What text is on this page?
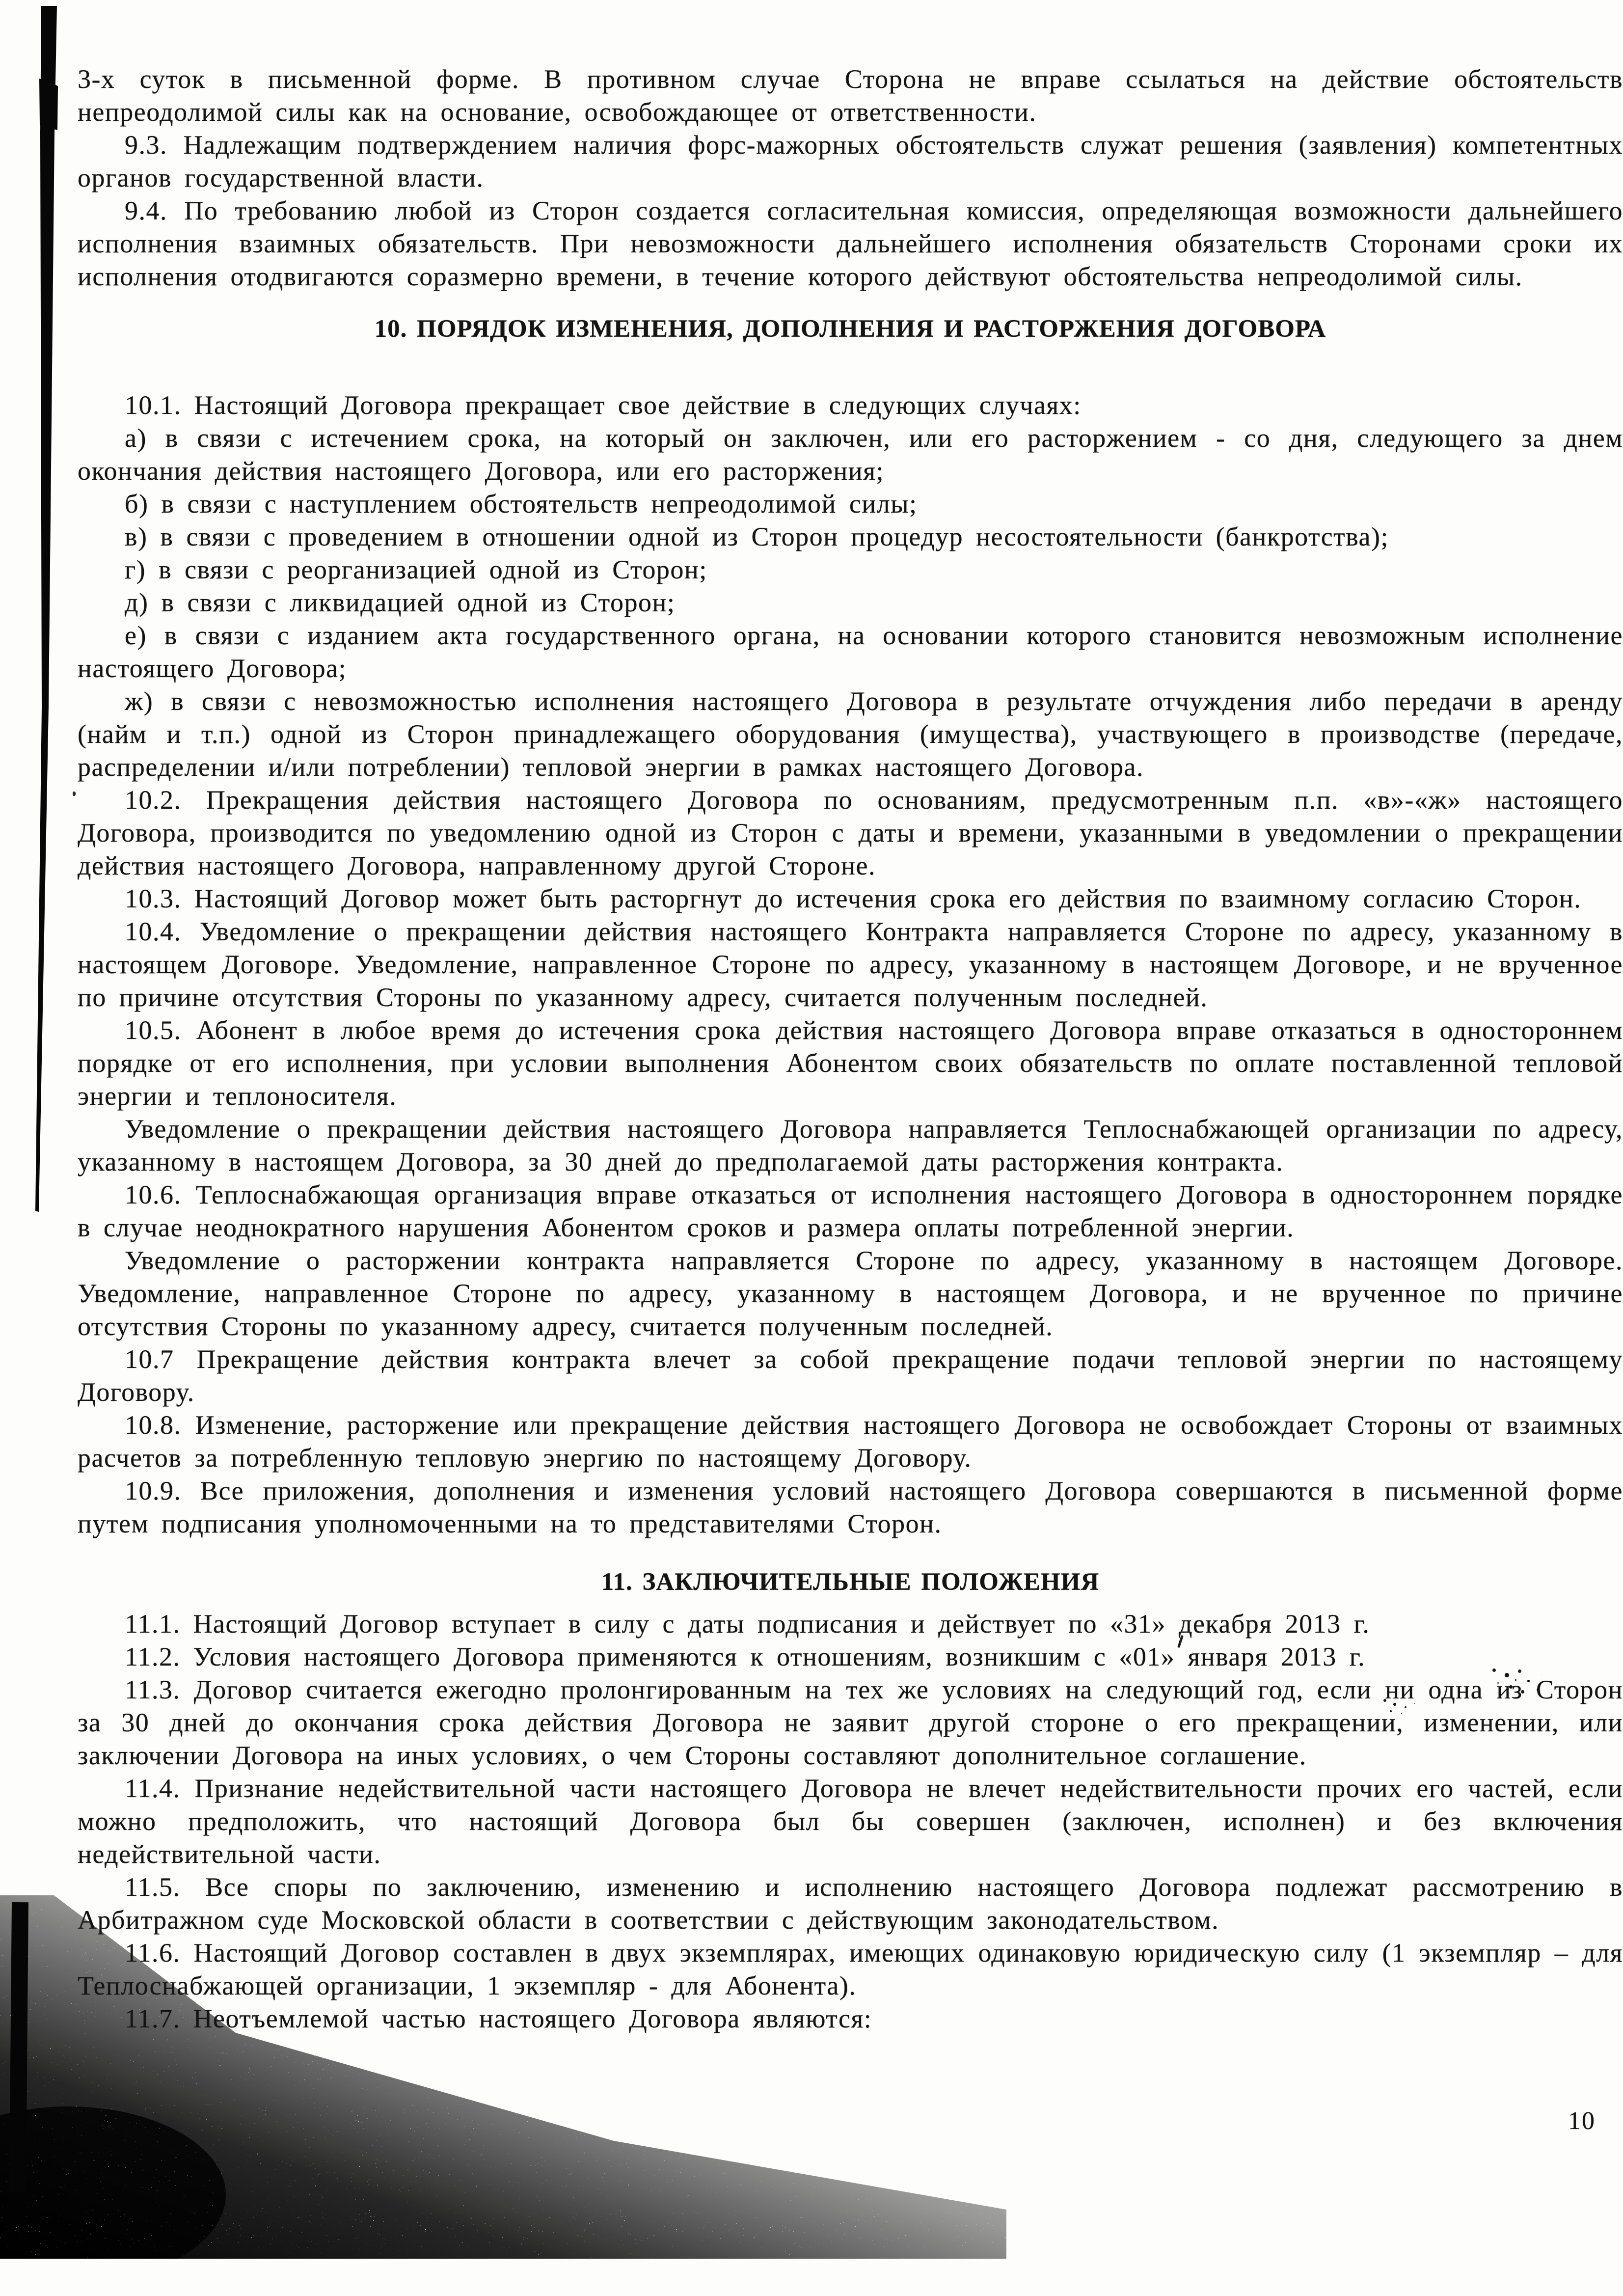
3-х суток в письменной форме. В противном случае Сторона не вправе ссылаться на действие обстоятельств непреодолимой силы как на основание, освобождающее от ответственности.

9.3. Надлежащим подтверждением наличия форс-мажорных обстоятельств служат решения (заявления) компетентных органов государственной власти.

9.4. По требованию любой из Сторон создается согласительная комиссия, определяющая возможности дальнейшего исполнения взаимных обязательств. При невозможности дальнейшего исполнения обязательств Сторонами сроки их исполнения отодвигаются соразмерно времени, в течение которого действуют обстоятельства непреодолимой силы.

10. ПОРЯДОК ИЗМЕНЕНИЯ, ДОПОЛНЕНИЯ И РАСТОРЖЕНИЯ ДОГОВОРА

10.1. Настоящий Договора прекращает свое действие в следующих случаях:

а) в связи с истечением срока, на который он заключен, или его расторжением - со дня, следующего за днем окончания действия настоящего Договора, или его расторжения;

б) в связи с наступлением обстоятельств непреодолимой силы;

в) в связи с проведением в отношении одной из Сторон процедур несостоятельности (банкротства);

г) в связи с реорганизацией одной из Сторон;

д) в связи с ликвидацией одной из Сторон;

е) в связи с изданием акта государственного органа, на основании которого становится невозможным исполнение настоящего Договора;

ж) в связи с невозможностью исполнения настоящего Договора в результате отчуждения либо передачи в аренду (найм и т.п.) одной из Сторон принадлежащего оборудования (имущества), участвующего в производстве (передаче, распределении и/или потреблении) тепловой энергии в рамках настоящего Договора.

10.2. Прекращения действия настоящего Договора по основаниям, предусмотренным п.п. «в»-«ж» настоящего Договора, производится по уведомлению одной из Сторон с даты и времени, указанными в уведомлении о прекращении действия настоящего Договора, направленному другой Стороне.

10.3. Настоящий Договор может быть расторгнут до истечения срока его действия по взаимному согласию Сторон.

10.4. Уведомление о прекращении действия настоящего Контракта направляется Стороне по адресу, указанному в настоящем Договоре. Уведомление, направленное Стороне по адресу, указанному в настоящем Договоре, и не врученное по причине отсутствия Стороны по указанному адресу, считается полученным последней.

10.5. Абонент в любое время до истечения срока действия настоящего Договора вправе отказаться в одностороннем порядке от его исполнения, при условии выполнения Абонентом своих обязательств по оплате поставленной тепловой энергии и теплоносителя.

Уведомление о прекращении действия настоящего Договора направляется Теплоснабжающей организации по адресу, указанному в настоящем Договора, за 30 дней до предполагаемой даты расторжения контракта.

10.6. Теплоснабжающая организация вправе отказаться от исполнения настоящего Договора в одностороннем порядке в случае неоднократного нарушения Абонентом сроков и размера оплаты потребленной энергии.

Уведомление о расторжении контракта направляется Стороне по адресу, указанному в настоящем Договоре. Уведомление, направленное Стороне по адресу, указанному в настоящем Договора, и не врученное по причине отсутствия Стороны по указанному адресу, считается полученным последней.

10.7 Прекращение действия контракта влечет за собой прекращение подачи тепловой энергии по настоящему Договору.

10.8. Изменение, расторжение или прекращение действия настоящего Договора не освобождает Стороны от взаимных расчетов за потребленную тепловую энергию по настоящему Договору.

10.9. Все приложения, дополнения и изменения условий настоящего Договора совершаются в письменной форме путем подписания уполномоченными на то представителями Сторон.

11. ЗАКЛЮЧИТЕЛЬНЫЕ ПОЛОЖЕНИЯ

11.1. Настоящий Договор вступает в силу с даты подписания и действует по «31» декабря 2013 г.

11.2. Условия настоящего Договора применяются к отношениям, возникшим с «01» января 2013 г.

11.3. Договор считается ежегодно пролонгированным на тех же условиях на следующий год, если ни одна из Сторон за 30 дней до окончания срока действия Договора не заявит другой стороне о его прекращении, изменении, или заключении Договора на иных условиях, о чем Стороны составляют дополнительное соглашение.

11.4. Признание недействительной части настоящего Договора не влечет недействительности прочих его частей, если можно предположить, что настоящий Договора был бы совершен (заключен, исполнен) и без включения недействительной части.

11.5. Все споры по заключению, изменению и исполнению настоящего Договора подлежат рассмотрению в Арбитражном суде Московской области в соответствии с действующим законодательством.

11.6. Настоящий Договор составлен в двух экземплярах, имеющих одинаковую юридическую силу (1 экземпляр – для Теплоснабжающей организации, 1 экземпляр - для Абонента).

11.7. Неотъемлемой частью настоящего Договора являются:

10
